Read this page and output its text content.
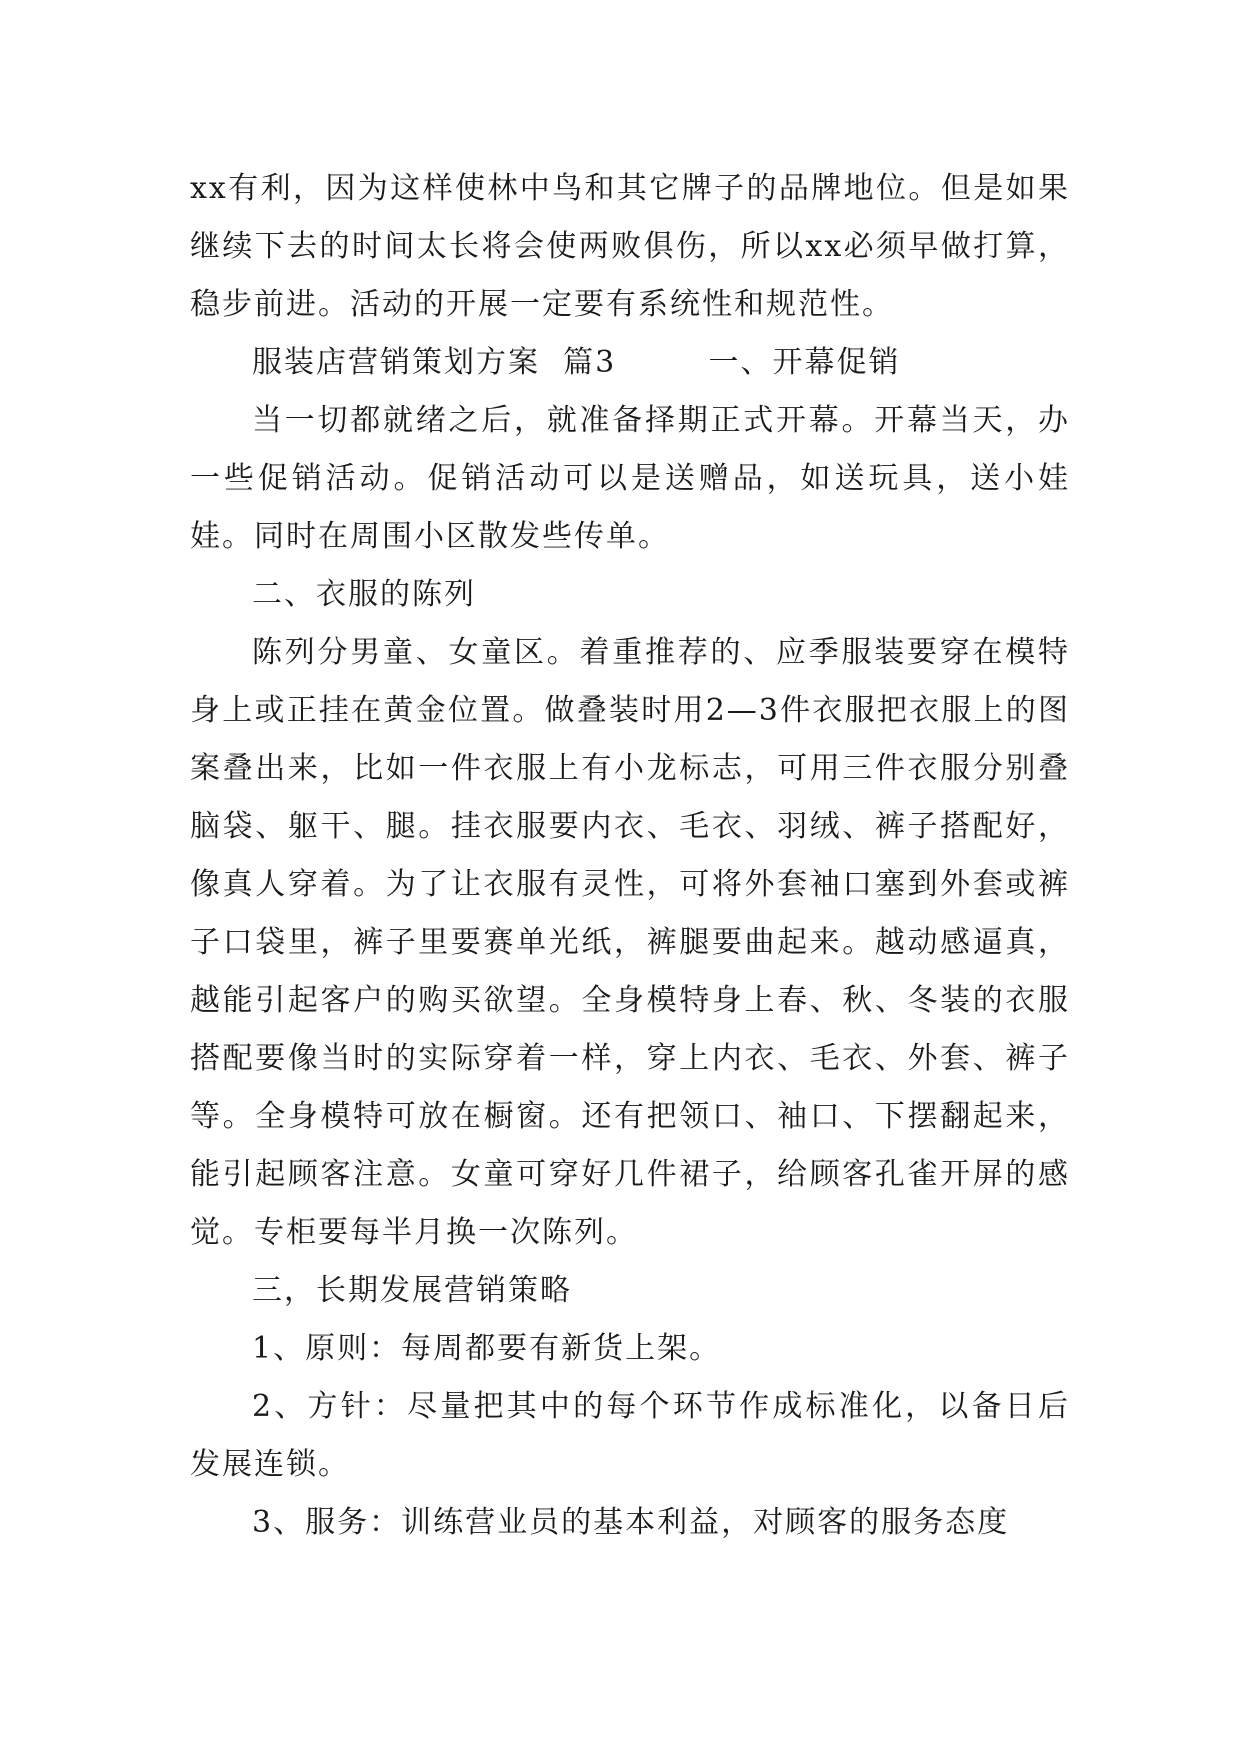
xx有利，因为这样使林中鸟和其它牌子的品牌地位。但是如果继续下去的时间太长将会使两败俱伤，所以xx必须早做打算，稳步前进。活动的开展一定要有系统性和规范性。

服装店营销策划方案  篇3        一、开幕促销

当一切都就绪之后，就准备择期正式开幕。开幕当天，办一些促销活动。促销活动可以是送赠品，如送玩具，送小娃娃。同时在周围小区散发些传单。

二、衣服的陈列

陈列分男童、女童区。着重推荐的、应季服装要穿在模特身上或正挂在黄金位置。做叠装时用2—3件衣服把衣服上的图案叠出来，比如一件衣服上有小龙标志，可用三件衣服分别叠脑袋、躯干、腿。挂衣服要内衣、毛衣、羽绒、裤子搭配好，像真人穿着。为了让衣服有灵性，可将外套袖口塞到外套或裤子口袋里，裤子里要赛单光纸，裤腿要曲起来。越动感逼真，越能引起客户的购买欲望。全身模特身上春、秋、冬装的衣服搭配要像当时的实际穿着一样，穿上内衣、毛衣、外套、裤子等。全身模特可放在橱窗。还有把领口、袖口、下摆翻起来，能引起顾客注意。女童可穿好几件裙子，给顾客孔雀开屏的感觉。专柜要每半月换一次陈列。

三，长期发展营销策略

1、原则：每周都要有新货上架。

2、方针：尽量把其中的每个环节作成标准化，以备日后发展连锁。

3、服务：训练营业员的基本利益，对顾客的服务态度
